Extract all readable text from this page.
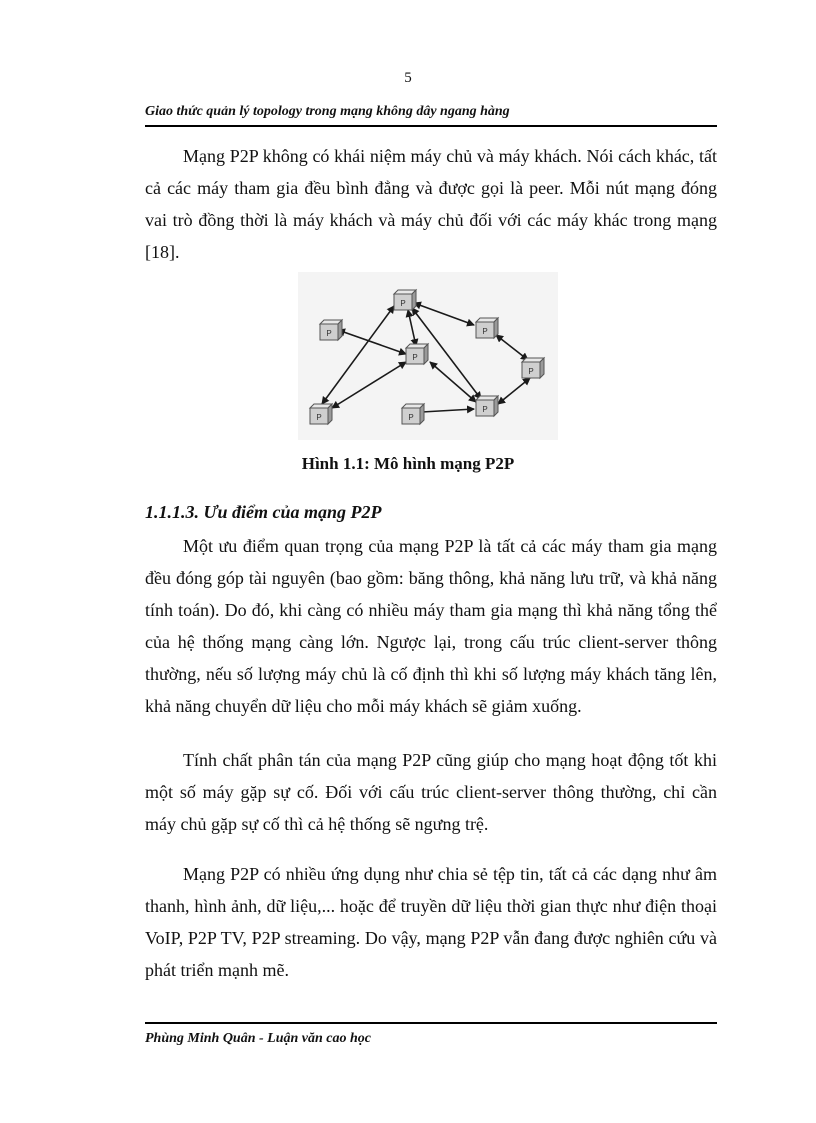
5
Giao thức quản lý topology trong mạng không dây ngang hàng

Mạng P2P không có khái niệm máy chủ và máy khách. Nói cách khác, tất cả các máy tham gia đều bình đẳng và được gọi là peer. Mỗi nút mạng đóng vai trò đồng thời là máy khách và máy chủ đối với các máy khác trong mạng [18].

P
P
P
P
P
P
P
P
Hình 1.1: Mô hình mạng P2P
1.1.1.3. Ưu điểm của mạng P2P

Một ưu điểm quan trọng của mạng P2P là tất cả các máy tham gia mạng đều đóng góp tài nguyên (bao gồm: băng thông, khả năng lưu trữ, và khả năng tính toán). Do đó, khi càng có nhiều máy tham gia mạng thì khả năng tổng thể của hệ thống mạng càng lớn. Ngược lại, trong cấu trúc client-server thông thường, nếu số lượng máy chủ là cố định thì khi số lượng máy khách tăng lên, khả năng chuyển dữ liệu cho mỗi máy khách sẽ giảm xuống.

Tính chất phân tán của mạng P2P cũng giúp cho mạng hoạt động tốt khi một số máy gặp sự cố. Đối với cấu trúc client-server thông thường, chỉ cần máy chủ gặp sự cố thì cả hệ thống sẽ ngưng trệ.

Mạng P2P có nhiều ứng dụng như chia sẻ tệp tin, tất cả các dạng như âm thanh, hình ảnh, dữ liệu,... hoặc để truyền dữ liệu thời gian thực như điện thoại VoIP, P2P TV, P2P streaming. Do vậy, mạng P2P vẫn đang được nghiên cứu và phát triển mạnh mẽ.

Phùng Minh Quân - Luận văn cao học
